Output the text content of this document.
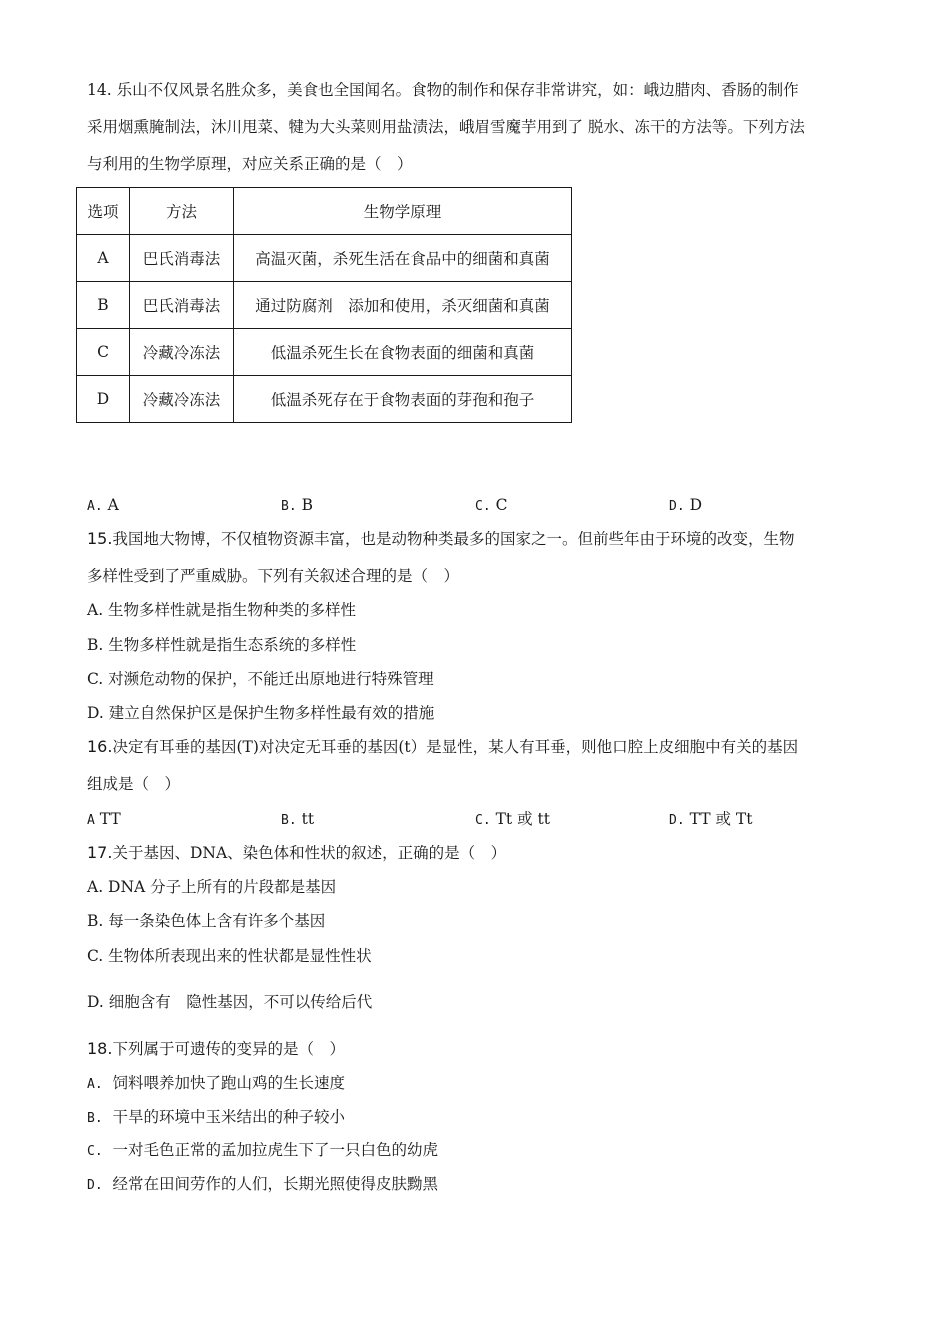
14. 乐山不仅风景名胜众多，美食也全国闻名。食物的制作和保存非常讲究，如：峨边腊肉、香肠的制作
采用烟熏腌制法，沐川甩菜、犍为大头菜则用盐渍法，峨眉雪魔芋用到了 脱水、冻干的方法等。下列方法
与利用的生物学原理，对应关系正确的是（　）
选项	方法	生物学原理
A	巴氏消毒法	高温灭菌，杀死生活在食品中的细菌和真菌
B	巴氏消毒法	通过防腐剂　添加和使用，杀灭细菌和真菌
C	冷藏冷冻法	低温杀死生长在食物表面的细菌和真菌
D	冷藏冷冻法	低温杀死存在于食物表面的芽孢和孢子
A. A	B. B	C. C	D. D
15.我国地大物博，不仅植物资源丰富，也是动物种类最多的国家之一。但前些年由于环境的改变，生物
多样性受到了严重威胁。下列有关叙述合理的是（　）
A. 生物多样性就是指生物种类的多样性
B. 生物多样性就是指生态系统的多样性
C. 对濒危动物的保护，不能迁出原地进行特殊管理
D. 建立自然保护区是保护生物多样性最有效的措施
16.决定有耳垂的基因(T)对决定无耳垂的基因(t）是显性，某人有耳垂，则他口腔上皮细胞中有关的基因
组成是（　）
A TT	B. tt	C. Tt 或 tt	D. TT 或 Tt
17.关于基因、DNA、染色体和性状的叙述，正确的是（　）
A. DNA 分子上所有的片段都是基因
B. 每一条染色体上含有许多个基因
C. 生物体所表现出来的性状都是显性性状
D. 细胞含有　隐性基因，不可以传给后代
18.下列属于可遗传的变异的是（　）
A. 饲料喂养加快了跑山鸡的生长速度
B. 干旱的环境中玉米结出的种子较小
C. 一对毛色正常的孟加拉虎生下了一只白色的幼虎
D. 经常在田间劳作的人们，长期光照使得皮肤黝黑
